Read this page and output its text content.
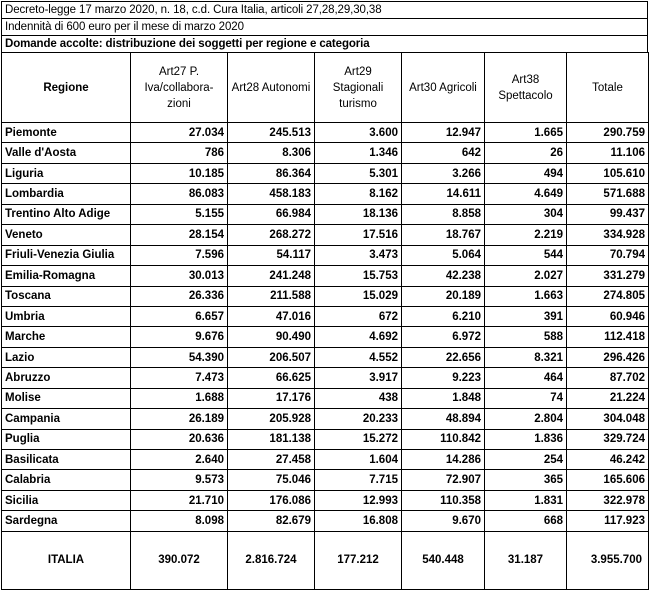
Decreto-legge 17 marzo 2020, n. 18, c.d. Cura Italia, articoli 27,28,29,30,38
Indennità di 600 euro per il mese di marzo 2020
Domande accolte: distribuzione dei soggetti per regione e categoria
Regione	Art27 P. Iva/collabora-zioni	Art28 Autonomi	Art29 Stagionali turismo	Art30 Agricoli	Art38 Spettacolo	Totale
Piemonte	27.034	245.513	3.600	12.947	1.665	290.759
Valle d'Aosta	786	8.306	1.346	642	26	11.106
Liguria	10.185	86.364	5.301	3.266	494	105.610
Lombardia	86.083	458.183	8.162	14.611	4.649	571.688
Trentino Alto Adige	5.155	66.984	18.136	8.858	304	99.437
Veneto	28.154	268.272	17.516	18.767	2.219	334.928
Friuli-Venezia Giulia	7.596	54.117	3.473	5.064	544	70.794
Emilia-Romagna	30.013	241.248	15.753	42.238	2.027	331.279
Toscana	26.336	211.588	15.029	20.189	1.663	274.805
Umbria	6.657	47.016	672	6.210	391	60.946
Marche	9.676	90.490	4.692	6.972	588	112.418
Lazio	54.390	206.507	4.552	22.656	8.321	296.426
Abruzzo	7.473	66.625	3.917	9.223	464	87.702
Molise	1.688	17.176	438	1.848	74	21.224
Campania	26.189	205.928	20.233	48.894	2.804	304.048
Puglia	20.636	181.138	15.272	110.842	1.836	329.724
Basilicata	2.640	27.458	1.604	14.286	254	46.242
Calabria	9.573	75.046	7.715	72.907	365	165.606
Sicilia	21.710	176.086	12.993	110.358	1.831	322.978
Sardegna	8.098	82.679	16.808	9.670	668	117.923
ITALIA	390.072	2.816.724	177.212	540.448	31.187	3.955.700
